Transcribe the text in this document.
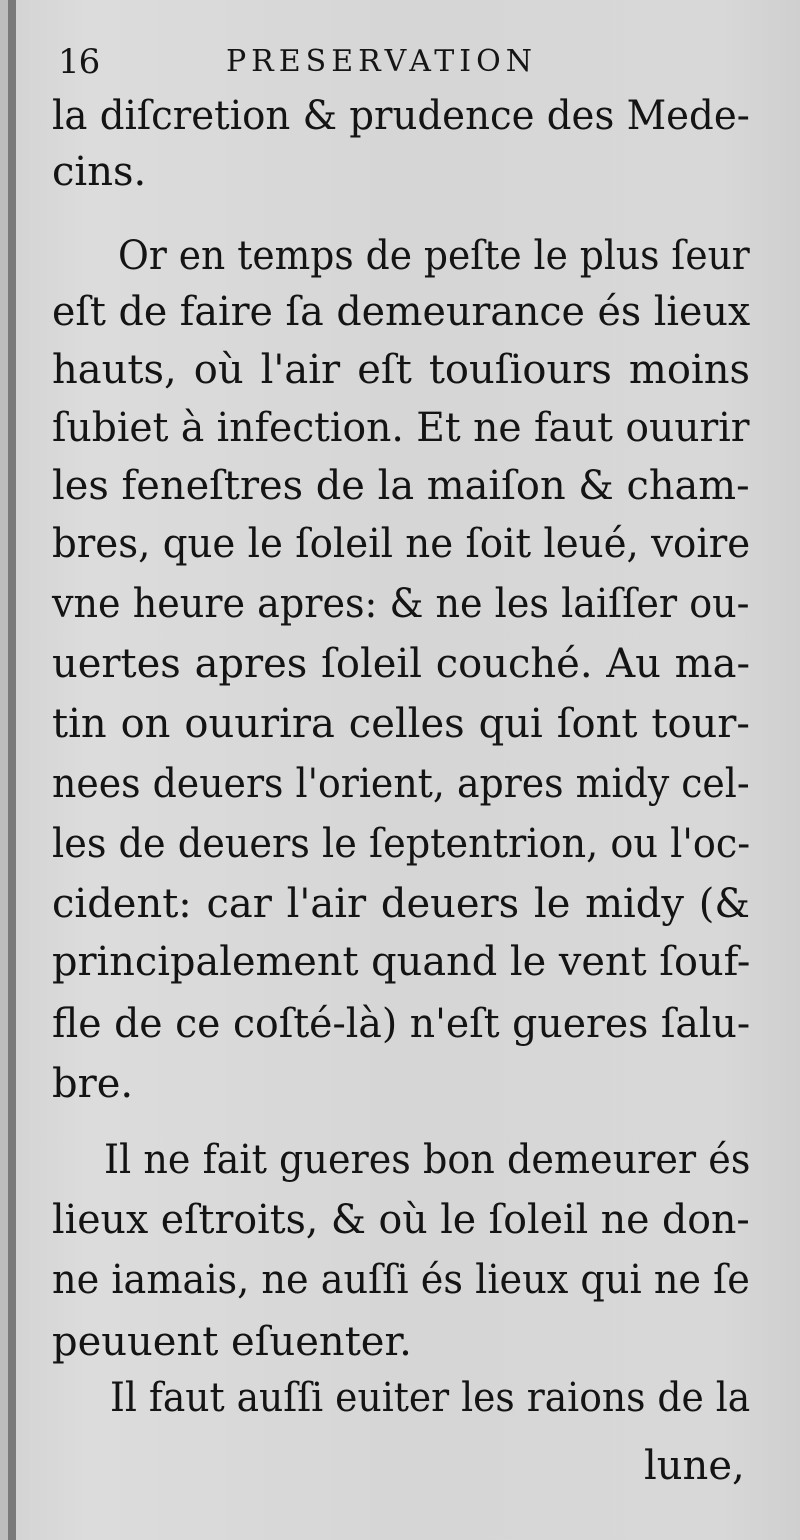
16	PRESERVATION
la diſcretion & prudence des Mede-
cins.
Or en temps de peſte le plus ſeur
eſt de faire ſa demeurance és lieux
hauts, où l'air eſt touſiours moins
ſubiet à infection. Et ne faut ouurir
les feneſtres de la maiſon & cham-
bres, que le ſoleil ne ſoit leué, voire
vne heure apres: & ne les laiſſer ou-
uertes apres ſoleil couché. Au ma-
tin on ouurira celles qui ſont tour-
nees deuers l'orient, apres midy cel-
les de deuers le ſeptentrion, ou l'oc-
cident: car l'air deuers le midy (&
principalement quand le vent ſouf-
fle de ce coſté-là) n'eſt gueres ſalu-
bre.
Il ne fait gueres bon demeurer és
lieux eſtroits, & où le ſoleil ne don-
ne iamais, ne auſſi és lieux qui ne ſe
peuuent eſuenter.
Il faut auſſi euiter les raions de la
lune,
